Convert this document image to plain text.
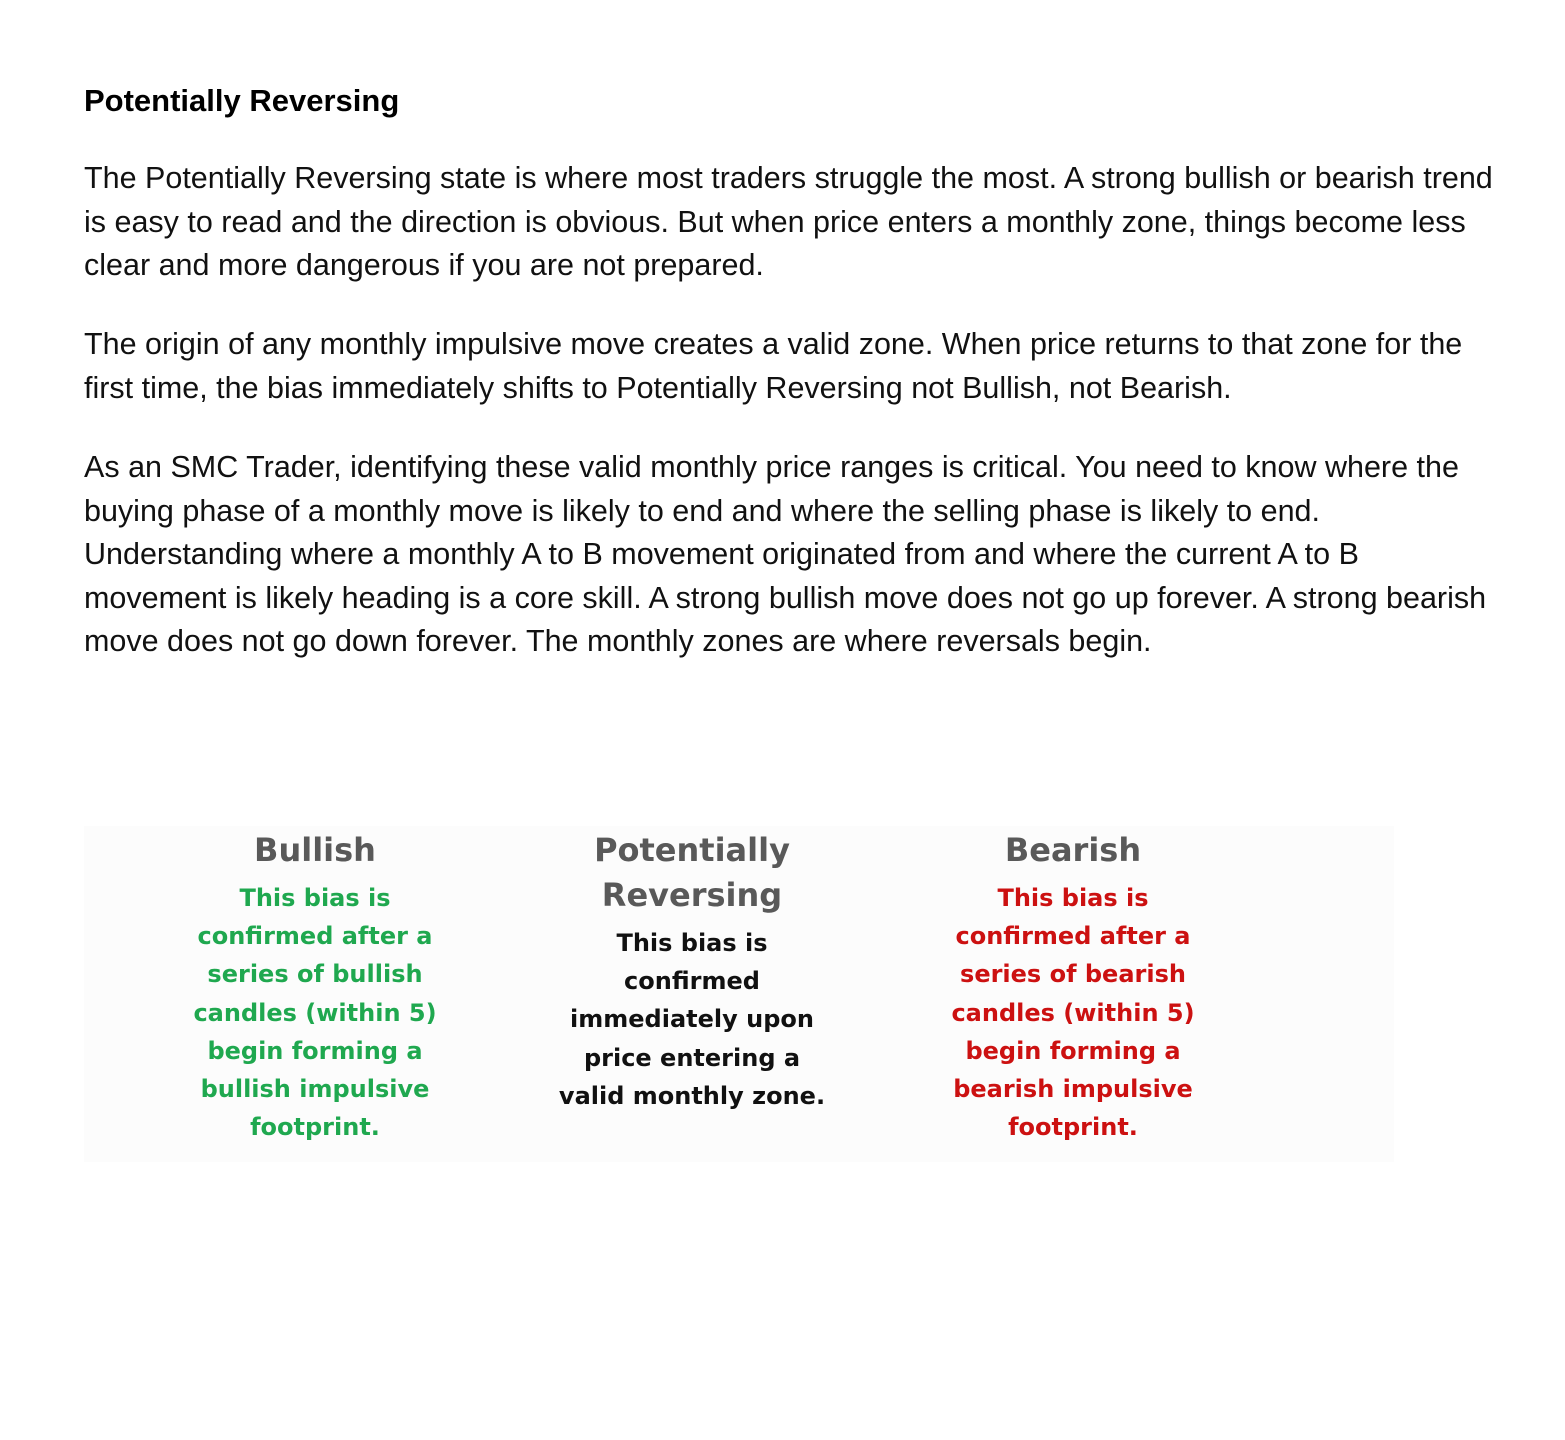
Potentially Reversing

The Potentially Reversing state is where most traders struggle the most. A strong bullish or bearish trend is easy to read and the direction is obvious. But when price enters a monthly zone, things become less clear and more dangerous if you are not prepared.

The origin of any monthly impulsive move creates a valid zone. When price returns to that zone for the first time, the bias immediately shifts to Potentially Reversing not Bullish, not Bearish.

As an SMC Trader, identifying these valid monthly price ranges is critical. You need to know where the buying phase of a monthly move is likely to end and where the selling phase is likely to end. Understanding where a monthly A to B movement originated from and where the current A to B movement is likely heading is a core skill. A strong bullish move does not go up forever. A strong bearish move does not go down forever. The monthly zones are where reversals begin.

Bullish

This bias is confirmed after a series of bullish candles (within 5) begin forming a bullish impulsive footprint.

Potentially Reversing

This bias is confirmed immediately upon price entering a valid monthly zone.

Bearish

This bias is confirmed after a series of bearish candles (within 5) begin forming a bearish impulsive footprint.
